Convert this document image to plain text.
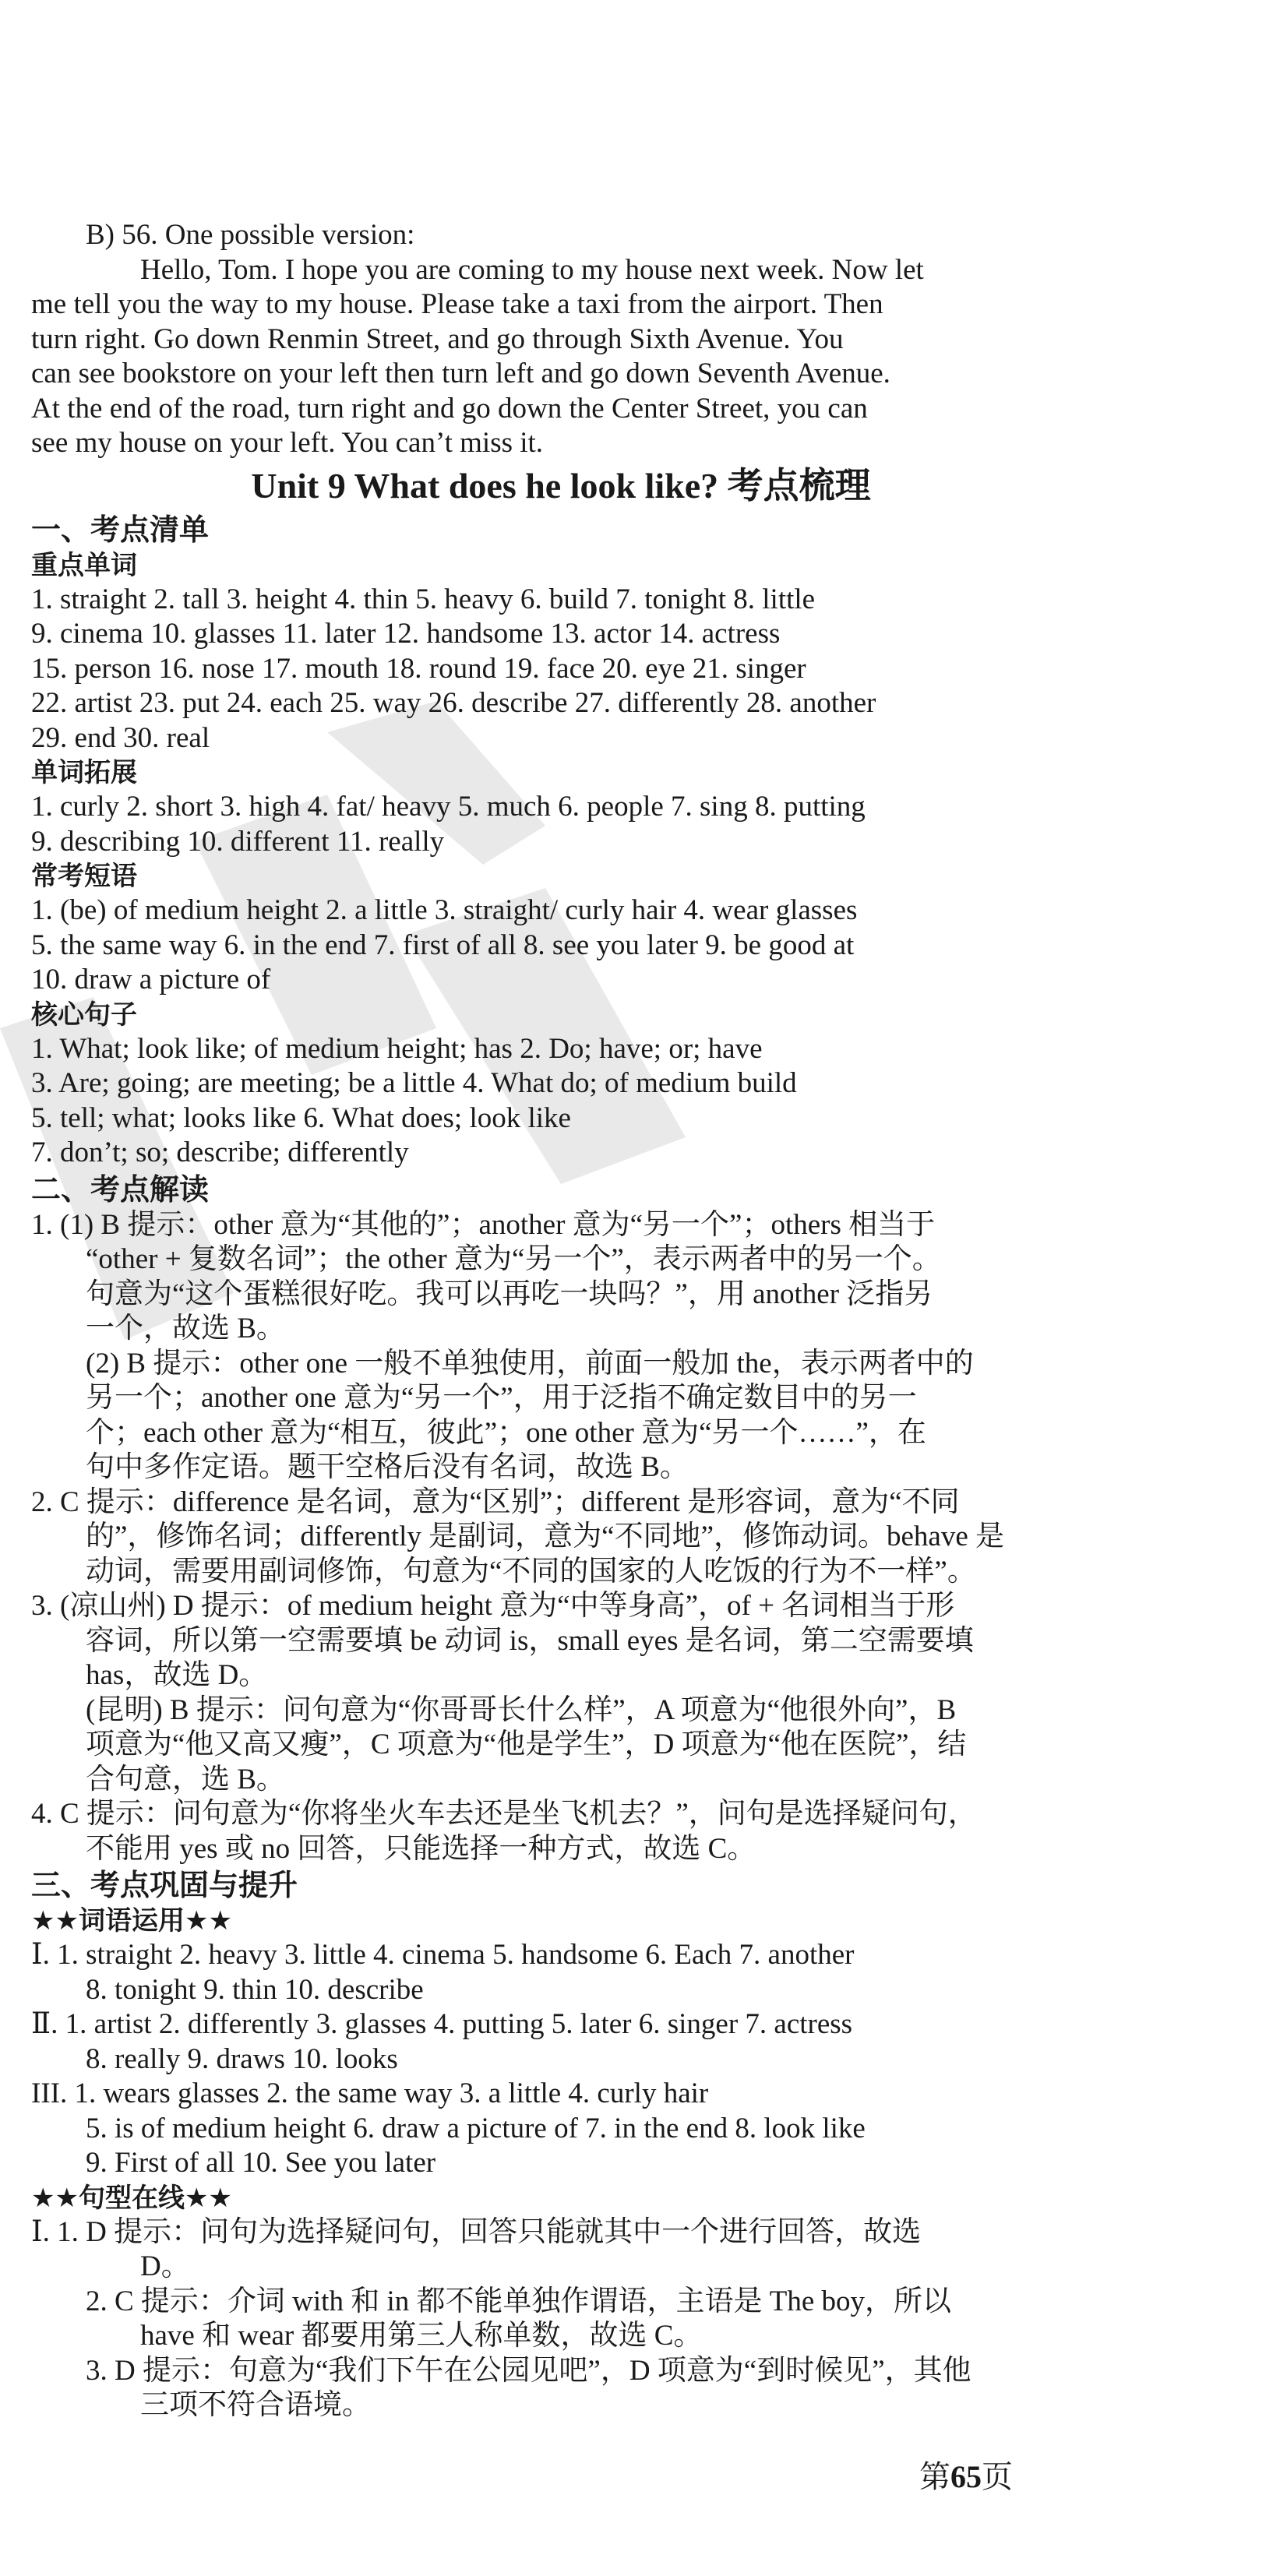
B) 56. One possible version:
Hello, Tom. I hope you are coming to my house next week. Now let
me tell you the way to my house. Please take a taxi from the airport. Then
turn right. Go down Renmin Street, and go through Sixth Avenue. You
can see bookstore on your left then turn left and go down Seventh Avenue.
At the end of the road, turn right and go down the Center Street, you can
see my house on your left. You can’t miss it.
Unit 9 What does he look like? 考点梳理
一、考点清单
重点单词
1. straight 2. tall 3. height 4. thin 5. heavy 6. build 7. tonight 8. little
9. cinema 10. glasses 11. later 12. handsome 13. actor 14. actress
15. person 16. nose 17. mouth 18. round 19. face 20. eye 21. singer
22. artist 23. put 24. each 25. way 26. describe 27. differently 28. another
29. end 30. real
单词拓展
1. curly 2. short 3. high 4. fat/ heavy 5. much 6. people 7. sing 8. putting
9. describing 10. different 11. really
常考短语
1. (be) of medium height 2. a little 3. straight/ curly hair 4. wear glasses
5. the same way 6. in the end 7. first of all 8. see you later 9. be good at
10. draw a picture of
核心句子
1. What; look like; of medium height; has 2. Do; have; or; have
3. Are; going; are meeting; be a little 4. What do; of medium build
5. tell; what; looks like 6. What does; look like
7. don’t; so; describe; differently
二、考点解读
1. (1) B 提示：other 意为“其他的”；another 意为“另一个”；others 相当于
“other + 复数名词”；the other 意为“另一个”，表示两者中的另一个。
句意为“这个蛋糕很好吃。我可以再吃一块吗？”，用 another 泛指另
一个，故选 B。
(2) B 提示：other one 一般不单独使用，前面一般加 the，表示两者中的
另一个；another one 意为“另一个”，用于泛指不确定数目中的另一
个；each other 意为“相互，彼此”；one other 意为“另一个……”，在
句中多作定语。题干空格后没有名词，故选 B。
2. C 提示：difference 是名词，意为“区别”；different 是形容词，意为“不同
的”，修饰名词；differently 是副词，意为“不同地”，修饰动词。behave 是
动词，需要用副词修饰，句意为“不同的国家的人吃饭的行为不一样”。
3. (凉山州) D 提示：of medium height 意为“中等身高”，of + 名词相当于形
容词，所以第一空需要填 be 动词 is，small eyes 是名词，第二空需要填
has，故选 D。
(昆明) B 提示：问句意为“你哥哥长什么样”，A 项意为“他很外向”，B
项意为“他又高又瘦”，C 项意为“他是学生”，D 项意为“他在医院”，结
合句意，选 B。
4. C 提示：问句意为“你将坐火车去还是坐飞机去？”，问句是选择疑问句，
不能用 yes 或 no 回答，只能选择一种方式，故选 C。
三、考点巩固与提升
★★词语运用★★
Ⅰ. 1. straight 2. heavy 3. little 4. cinema 5. handsome 6. Each 7. another
8. tonight 9. thin 10. describe
Ⅱ. 1. artist 2. differently 3. glasses 4. putting 5. later 6. singer 7. actress
8. really 9. draws 10. looks
III. 1. wears glasses 2. the same way 3. a little 4. curly hair
5. is of medium height 6. draw a picture of 7. in the end 8. look like
9. First of all 10. See you later
★★句型在线★★
Ⅰ. 1. D 提示：问句为选择疑问句，回答只能就其中一个进行回答，故选
D。
2. C 提示：介词 with 和 in 都不能单独作谓语，主语是 The boy，所以
have 和 wear 都要用第三人称单数，故选 C。
3. D 提示：句意为“我们下午在公园见吧”，D 项意为“到时候见”，其他
三项不符合语境。
第65页
